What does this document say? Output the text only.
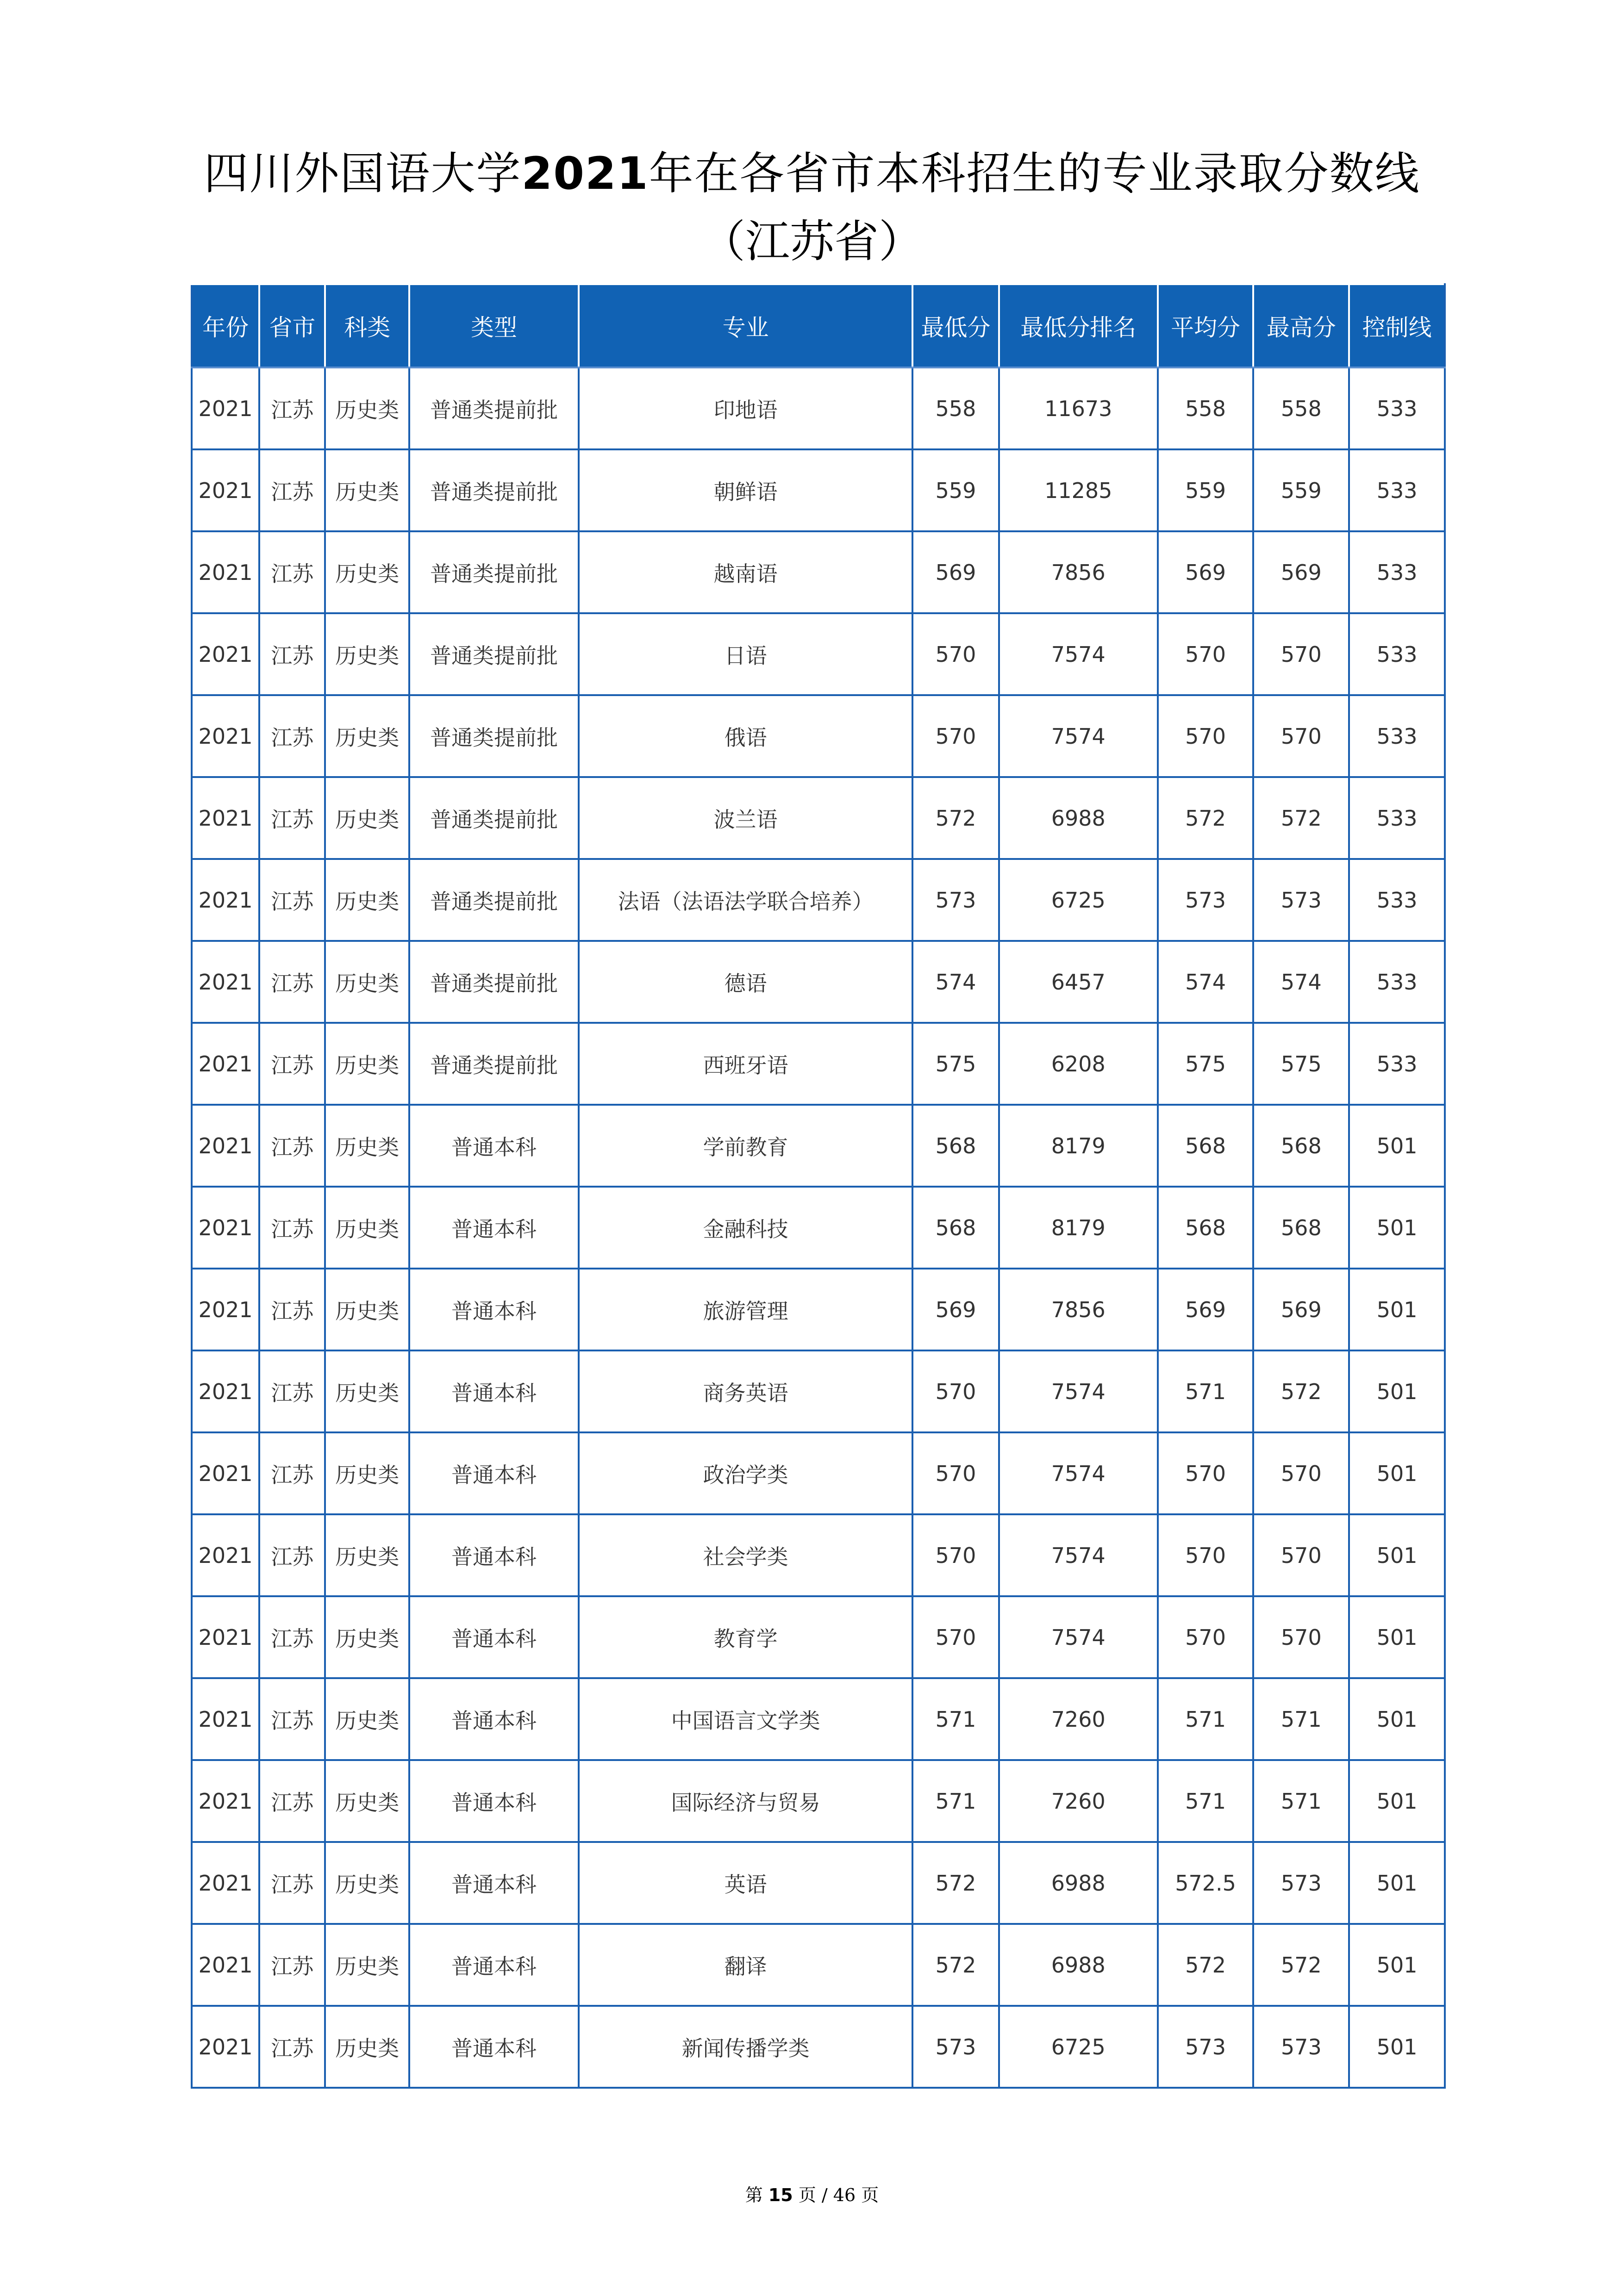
四川外国语大学2021年在各省市本科招生的专业录取分数线
（江苏省）
年份	省市	科类	类型	专业	最低分	最低分排名	平均分	最高分	控制线
2021	江苏	历史类	普通类提前批	印地语	558	11673	558	558	533
2021	江苏	历史类	普通类提前批	朝鲜语	559	11285	559	559	533
2021	江苏	历史类	普通类提前批	越南语	569	7856	569	569	533
2021	江苏	历史类	普通类提前批	日语	570	7574	570	570	533
2021	江苏	历史类	普通类提前批	俄语	570	7574	570	570	533
2021	江苏	历史类	普通类提前批	波兰语	572	6988	572	572	533
2021	江苏	历史类	普通类提前批	法语（法语法学联合培养）	573	6725	573	573	533
2021	江苏	历史类	普通类提前批	德语	574	6457	574	574	533
2021	江苏	历史类	普通类提前批	西班牙语	575	6208	575	575	533
2021	江苏	历史类	普通本科	学前教育	568	8179	568	568	501
2021	江苏	历史类	普通本科	金融科技	568	8179	568	568	501
2021	江苏	历史类	普通本科	旅游管理	569	7856	569	569	501
2021	江苏	历史类	普通本科	商务英语	570	7574	571	572	501
2021	江苏	历史类	普通本科	政治学类	570	7574	570	570	501
2021	江苏	历史类	普通本科	社会学类	570	7574	570	570	501
2021	江苏	历史类	普通本科	教育学	570	7574	570	570	501
2021	江苏	历史类	普通本科	中国语言文学类	571	7260	571	571	501
2021	江苏	历史类	普通本科	国际经济与贸易	571	7260	571	571	501
2021	江苏	历史类	普通本科	英语	572	6988	572.5	573	501
2021	江苏	历史类	普通本科	翻译	572	6988	572	572	501
2021	江苏	历史类	普通本科	新闻传播学类	573	6725	573	573	501
第 15 页 / 46 页
